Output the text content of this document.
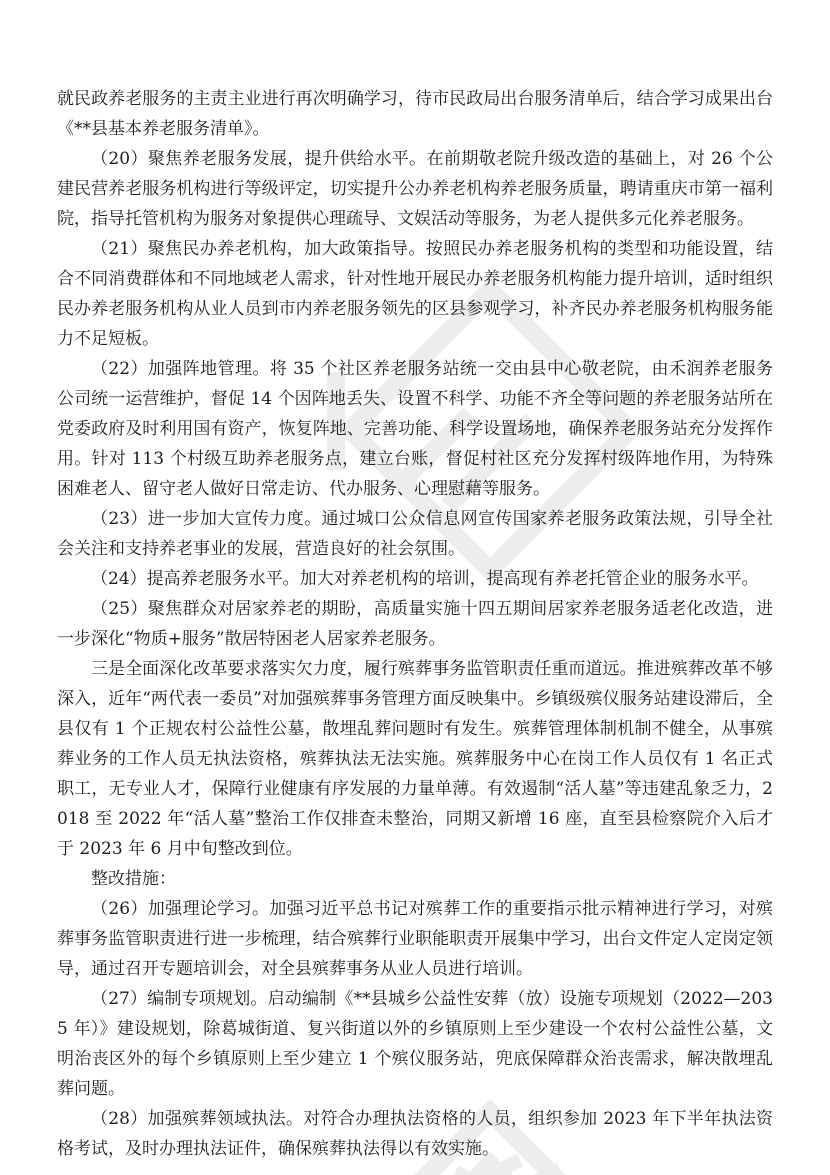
就民政养老服务的主责主业进行再次明确学习，待市民政局出台服务清单后，结合学习成果出台《**县基本养老服务清单》。

（20）聚焦养老服务发展，提升供给水平。在前期敬老院升级改造的基础上，对 26 个公建民营养老服务机构进行等级评定，切实提升公办养老机构养老服务质量，聘请重庆市第一福利院，指导托管机构为服务对象提供心理疏导、文娱活动等服务，为老人提供多元化养老服务。

（21）聚焦民办养老机构，加大政策指导。按照民办养老服务机构的类型和功能设置，结合不同消费群体和不同地域老人需求，针对性地开展民办养老服务机构能力提升培训，适时组织民办养老服务机构从业人员到市内养老服务领先的区县参观学习，补齐民办养老服务机构服务能力不足短板。

（22）加强阵地管理。将 35 个社区养老服务站统一交由县中心敬老院，由禾润养老服务公司统一运营维护，督促 14 个因阵地丢失、设置不科学、功能不齐全等问题的养老服务站所在党委政府及时利用国有资产，恢复阵地、完善功能、科学设置场地，确保养老服务站充分发挥作用。针对 113 个村级互助养老服务点，建立台账，督促村社区充分发挥村级阵地作用，为特殊困难老人、留守老人做好日常走访、代办服务、心理慰藉等服务。

（23）进一步加大宣传力度。通过城口公众信息网宣传国家养老服务政策法规，引导全社会关注和支持养老事业的发展，营造良好的社会氛围。

（24）提高养老服务水平。加大对养老机构的培训，提高现有养老托管企业的服务水平。

（25）聚焦群众对居家养老的期盼，高质量实施十四五期间居家养老服务适老化改造，进一步深化“物质+服务”散居特困老人居家养老服务。

三是全面深化改革要求落实欠力度，履行殡葬事务监管职责任重而道远。推进殡葬改革不够深入，近年“两代表一委员”对加强殡葬事务管理方面反映集中。乡镇级殡仪服务站建设滞后，全县仅有 1 个正规农村公益性公墓，散埋乱葬问题时有发生。殡葬管理体制机制不健全，从事殡葬业务的工作人员无执法资格，殡葬执法无法实施。殡葬服务中心在岗工作人员仅有 1 名正式职工，无专业人才，保障行业健康有序发展的力量单薄。有效遏制“活人墓”等违建乱象乏力，2018 至 2022 年“活人墓”整治工作仅排查未整治，同期又新增 16 座，直至县检察院介入后才于 2023 年 6 月中旬整改到位。

整改措施：

（26）加强理论学习。加强习近平总书记对殡葬工作的重要指示批示精神进行学习，对殡葬事务监管职责进行进一步梳理，结合殡葬行业职能职责开展集中学习，出台文件定人定岗定领导，通过召开专题培训会，对全县殡葬事务从业人员进行培训。

（27）编制专项规划。启动编制《**县城乡公益性安葬（放）设施专项规划（2022—2035 年）》建设规划，除葛城街道、复兴街道以外的乡镇原则上至少建设一个农村公益性公墓，文明治丧区外的每个乡镇原则上至少建立 1 个殡仪服务站，兜底保障群众治丧需求，解决散埋乱葬问题。

（28）加强殡葬领域执法。对符合办理执法资格的人员，组织参加 2023 年下半年执法资格考试，及时办理执法证件，确保殡葬执法得以有效实施。
